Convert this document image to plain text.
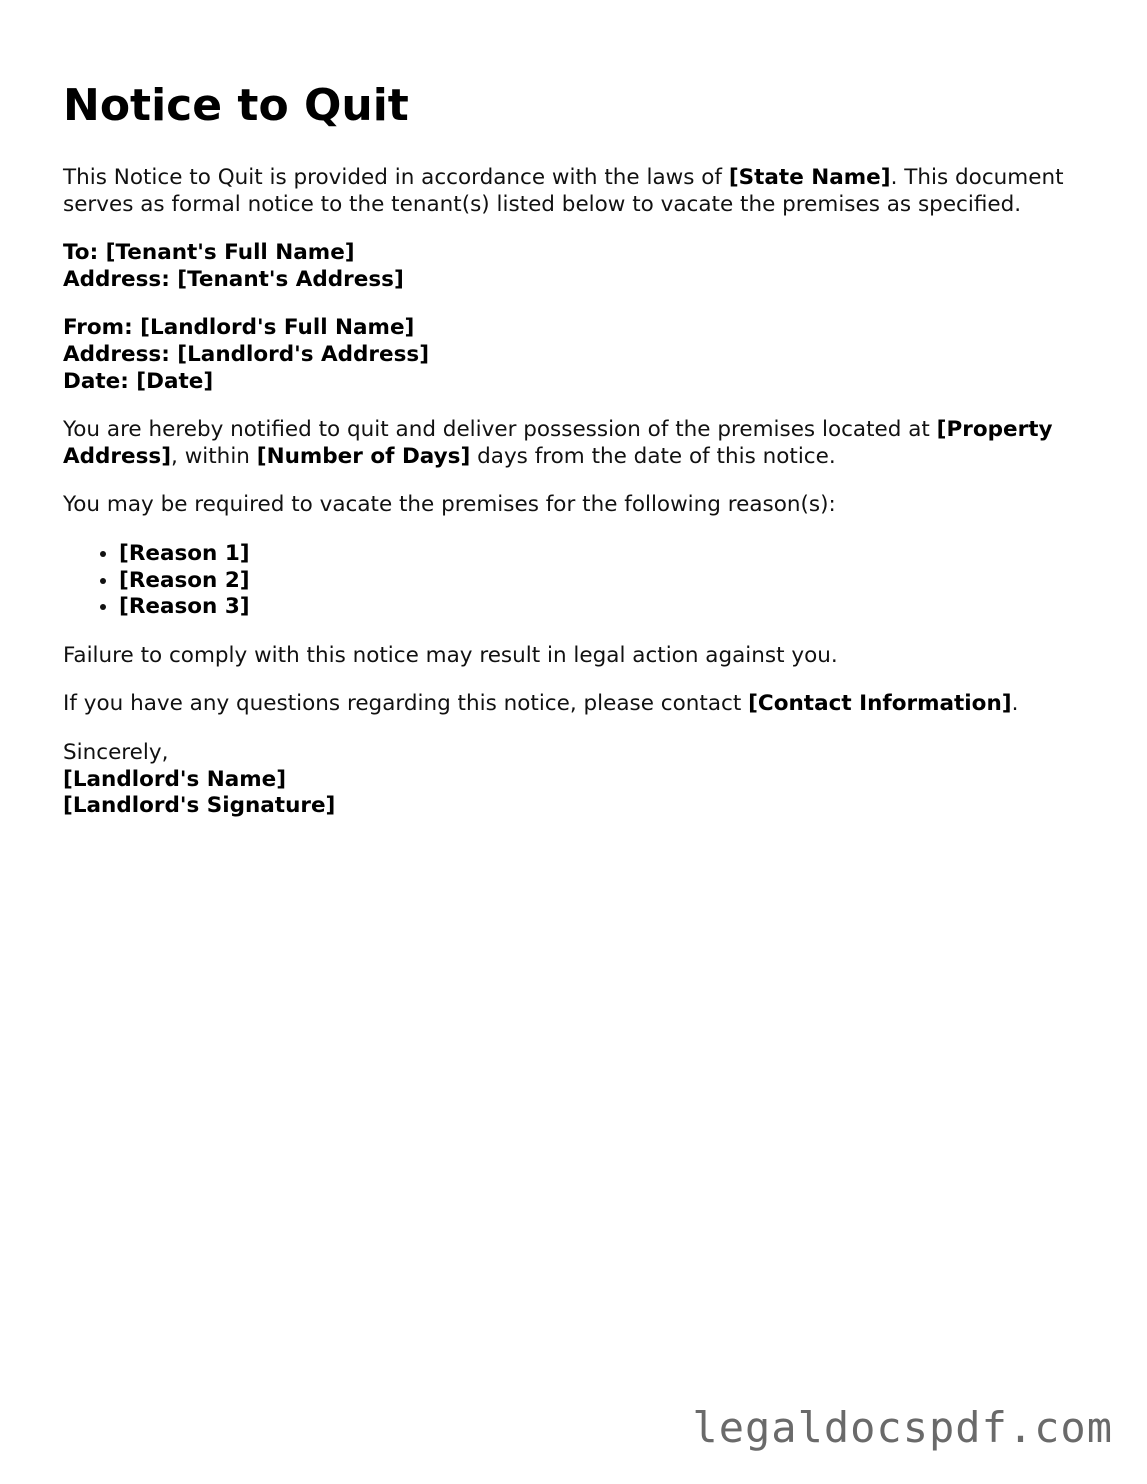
Notice to Quit

This Notice to Quit is provided in accordance with the laws of [State Name]. This document serves as formal notice to the tenant(s) listed below to vacate the premises as specified.

To: [Tenant's Full Name]
Address: [Tenant's Address]
From: [Landlord's Full Name]
Address: [Landlord's Address]
Date: [Date]

You are hereby notified to quit and deliver possession of the premises located at [Property Address], within [Number of Days] days from the date of this notice.

You may be required to vacate the premises for the following reason(s):

• [Reason 1]
• [Reason 2]
• [Reason 3]

Failure to comply with this notice may result in legal action against you.

If you have any questions regarding this notice, please contact [Contact Information].

Sincerely,
[Landlord's Name]
[Landlord's Signature]
legaldocspdf.com
